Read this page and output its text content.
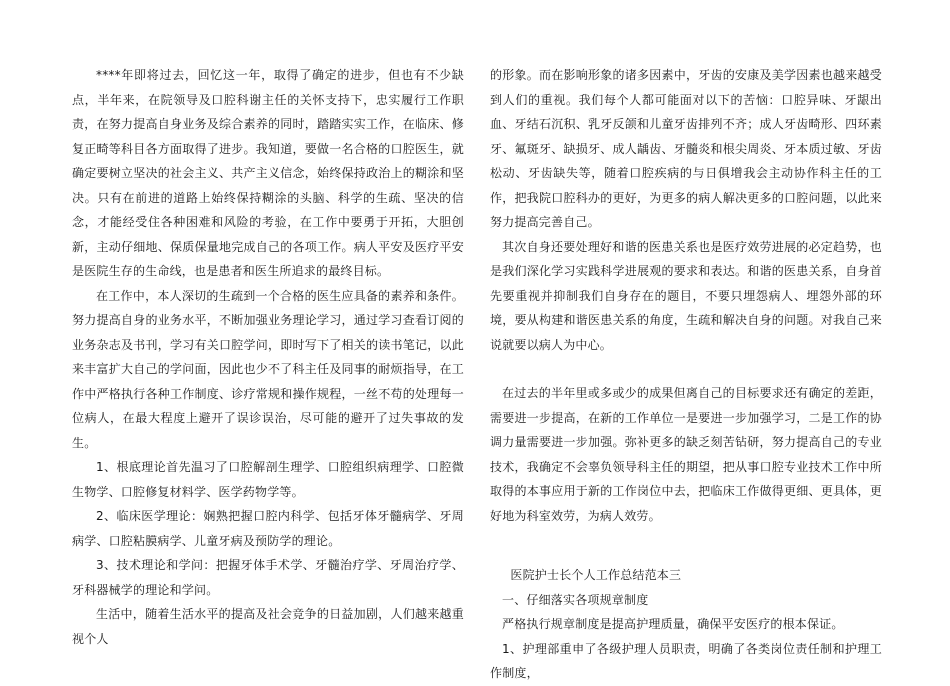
****年即将过去，回忆这一年，取得了确定的进步，但也有不少缺点，半年来，在院领导及口腔科谢主任的关怀支持下，忠实履行工作职责，在努力提高自身业务及综合素养的同时，踏踏实实工作，在临床、修复正畸等科目各方面取得了进步。我知道，要做一名合格的口腔医生，就确定要树立坚决的社会主义、共产主义信念，始终保持政治上的糊涂和坚决。只有在前进的道路上始终保持糊涂的头脑、科学的生疏、坚决的信念，才能经受住各种困难和风险的考验，在工作中要勇于开拓，大胆创新，主动仔细地、保质保量地完成自己的各项工作。病人平安及医疗平安是医院生存的生命线，也是患者和医生所追求的最终目标。

在工作中，本人深切的生疏到一个合格的医生应具备的素养和条件。努力提高自身的业务水平，不断加强业务理论学习，通过学习查看订阅的业务杂志及书刊，学习有关口腔学问，即时写下了相关的读书笔记，以此来丰富扩大自己的学问面，因此也少不了科主任及同事的耐烦指导，在工作中严格执行各种工作制度、诊疗常规和操作规程，一丝不苟的处理每一位病人，在最大程度上避开了误诊误治，尽可能的避开了过失事故的发生。

1、根底理论首先温习了口腔解剖生理学、口腔组织病理学、口腔微生物学、口腔修复材料学、医学药物学等。

2、临床医学理论：娴熟把握口腔内科学、包括牙体牙髓病学、牙周病学、口腔粘膜病学、儿童牙病及预防学的理论。

3、技术理论和学问：把握牙体手术学、牙髓治疗学、牙周治疗学、牙科器械学的理论和学问。

生活中，随着生活水平的提高及社会竞争的日益加剧，人们越来越重视个人

的形象。而在影响形象的诸多因素中，牙齿的安康及美学因素也越来越受到人们的重视。我们每个人都可能面对以下的苦恼：口腔异味、牙龈出血、牙结石沉积、乳牙反颌和儿童牙齿排列不齐；成人牙齿畸形、四环素牙、氟斑牙、缺损牙、成人龋齿、牙髓炎和根尖周炎、牙本质过敏、牙齿松动、牙齿缺失等，随着口腔疾病的与日俱增我会主动协作科主任的工作，把我院口腔科办的更好，为更多的病人解决更多的口腔问题，以此来努力提高完善自己。

其次自身还要处理好和谐的医患关系也是医疗效劳进展的必定趋势，也是我们深化学习实践科学进展观的要求和表达。和谐的医患关系，自身首先要重视并抑制我们自身存在的题目，不要只埋怨病人、埋怨外部的环境，要从构建和谐医患关系的角度，生疏和解决自身的问题。对我自己来说就要以病人为中心。

在过去的半年里或多或少的成果但离自己的目标要求还有确定的差距，需要进一步提高，在新的工作单位一是要进一步加强学习，二是工作的协调力量需要进一步加强。弥补更多的缺乏刻苦钻研，努力提高自己的专业技术，我确定不会辜负领导科主任的期望，把从事口腔专业技术工作中所取得的本事应用于新的工作岗位中去，把临床工作做得更细、更具体，更好地为科室效劳，为病人效劳。

医院护士长个人工作总结范本三

一、仔细落实各项规章制度

严格执行规章制度是提高护理质量，确保平安医疗的根本保证。

1、护理部重申了各级护理人员职责，明确了各类岗位责任制和护理工作制度，
